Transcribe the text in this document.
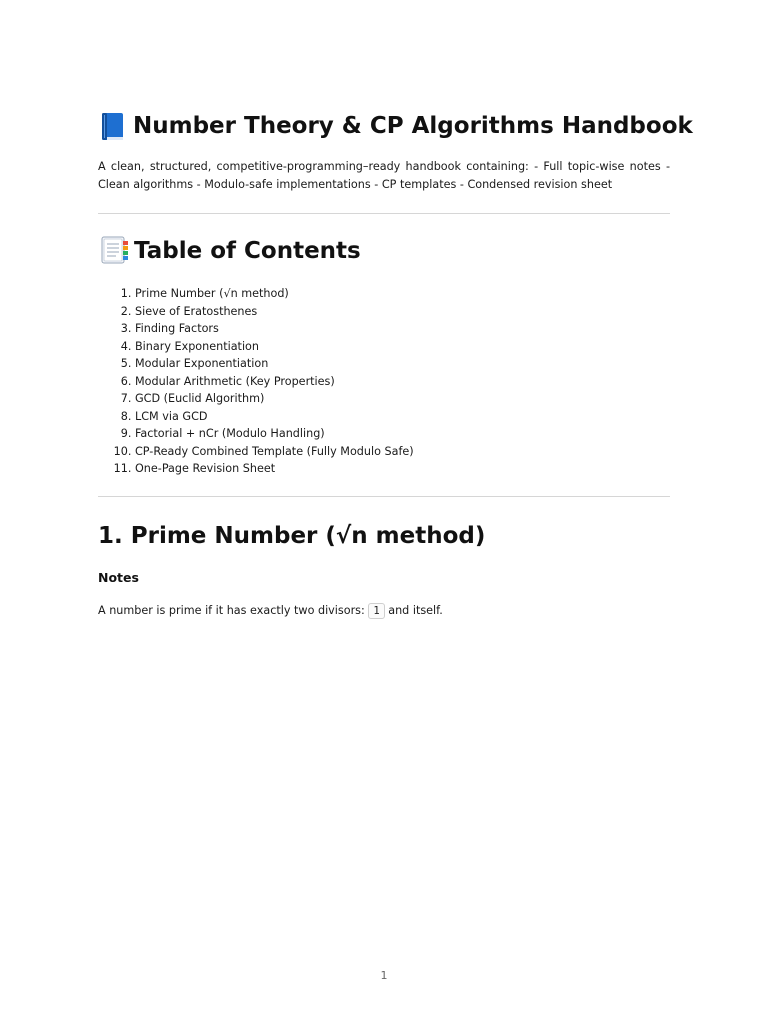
Number Theory & CP Algorithms Handbook

A clean, structured, competitive-programming–ready handbook containing: - Full topic-wise notes - Clean algorithms - Modulo-safe implementations - CP templates - Condensed revision sheet

Table of Contents
1. Prime Number (√n method)
2. Sieve of Eratosthenes
3. Finding Factors
4. Binary Exponentiation
5. Modular Exponentiation
6. Modular Arithmetic (Key Properties)
7. GCD (Euclid Algorithm)
8. LCM via GCD
9. Factorial + nCr (Modulo Handling)
10. CP-Ready Combined Template (Fully Modulo Safe)
11. One-Page Revision Sheet
1. Prime Number (√n method)
Notes

A number is prime if it has exactly two divisors: 1 and itself.

1
